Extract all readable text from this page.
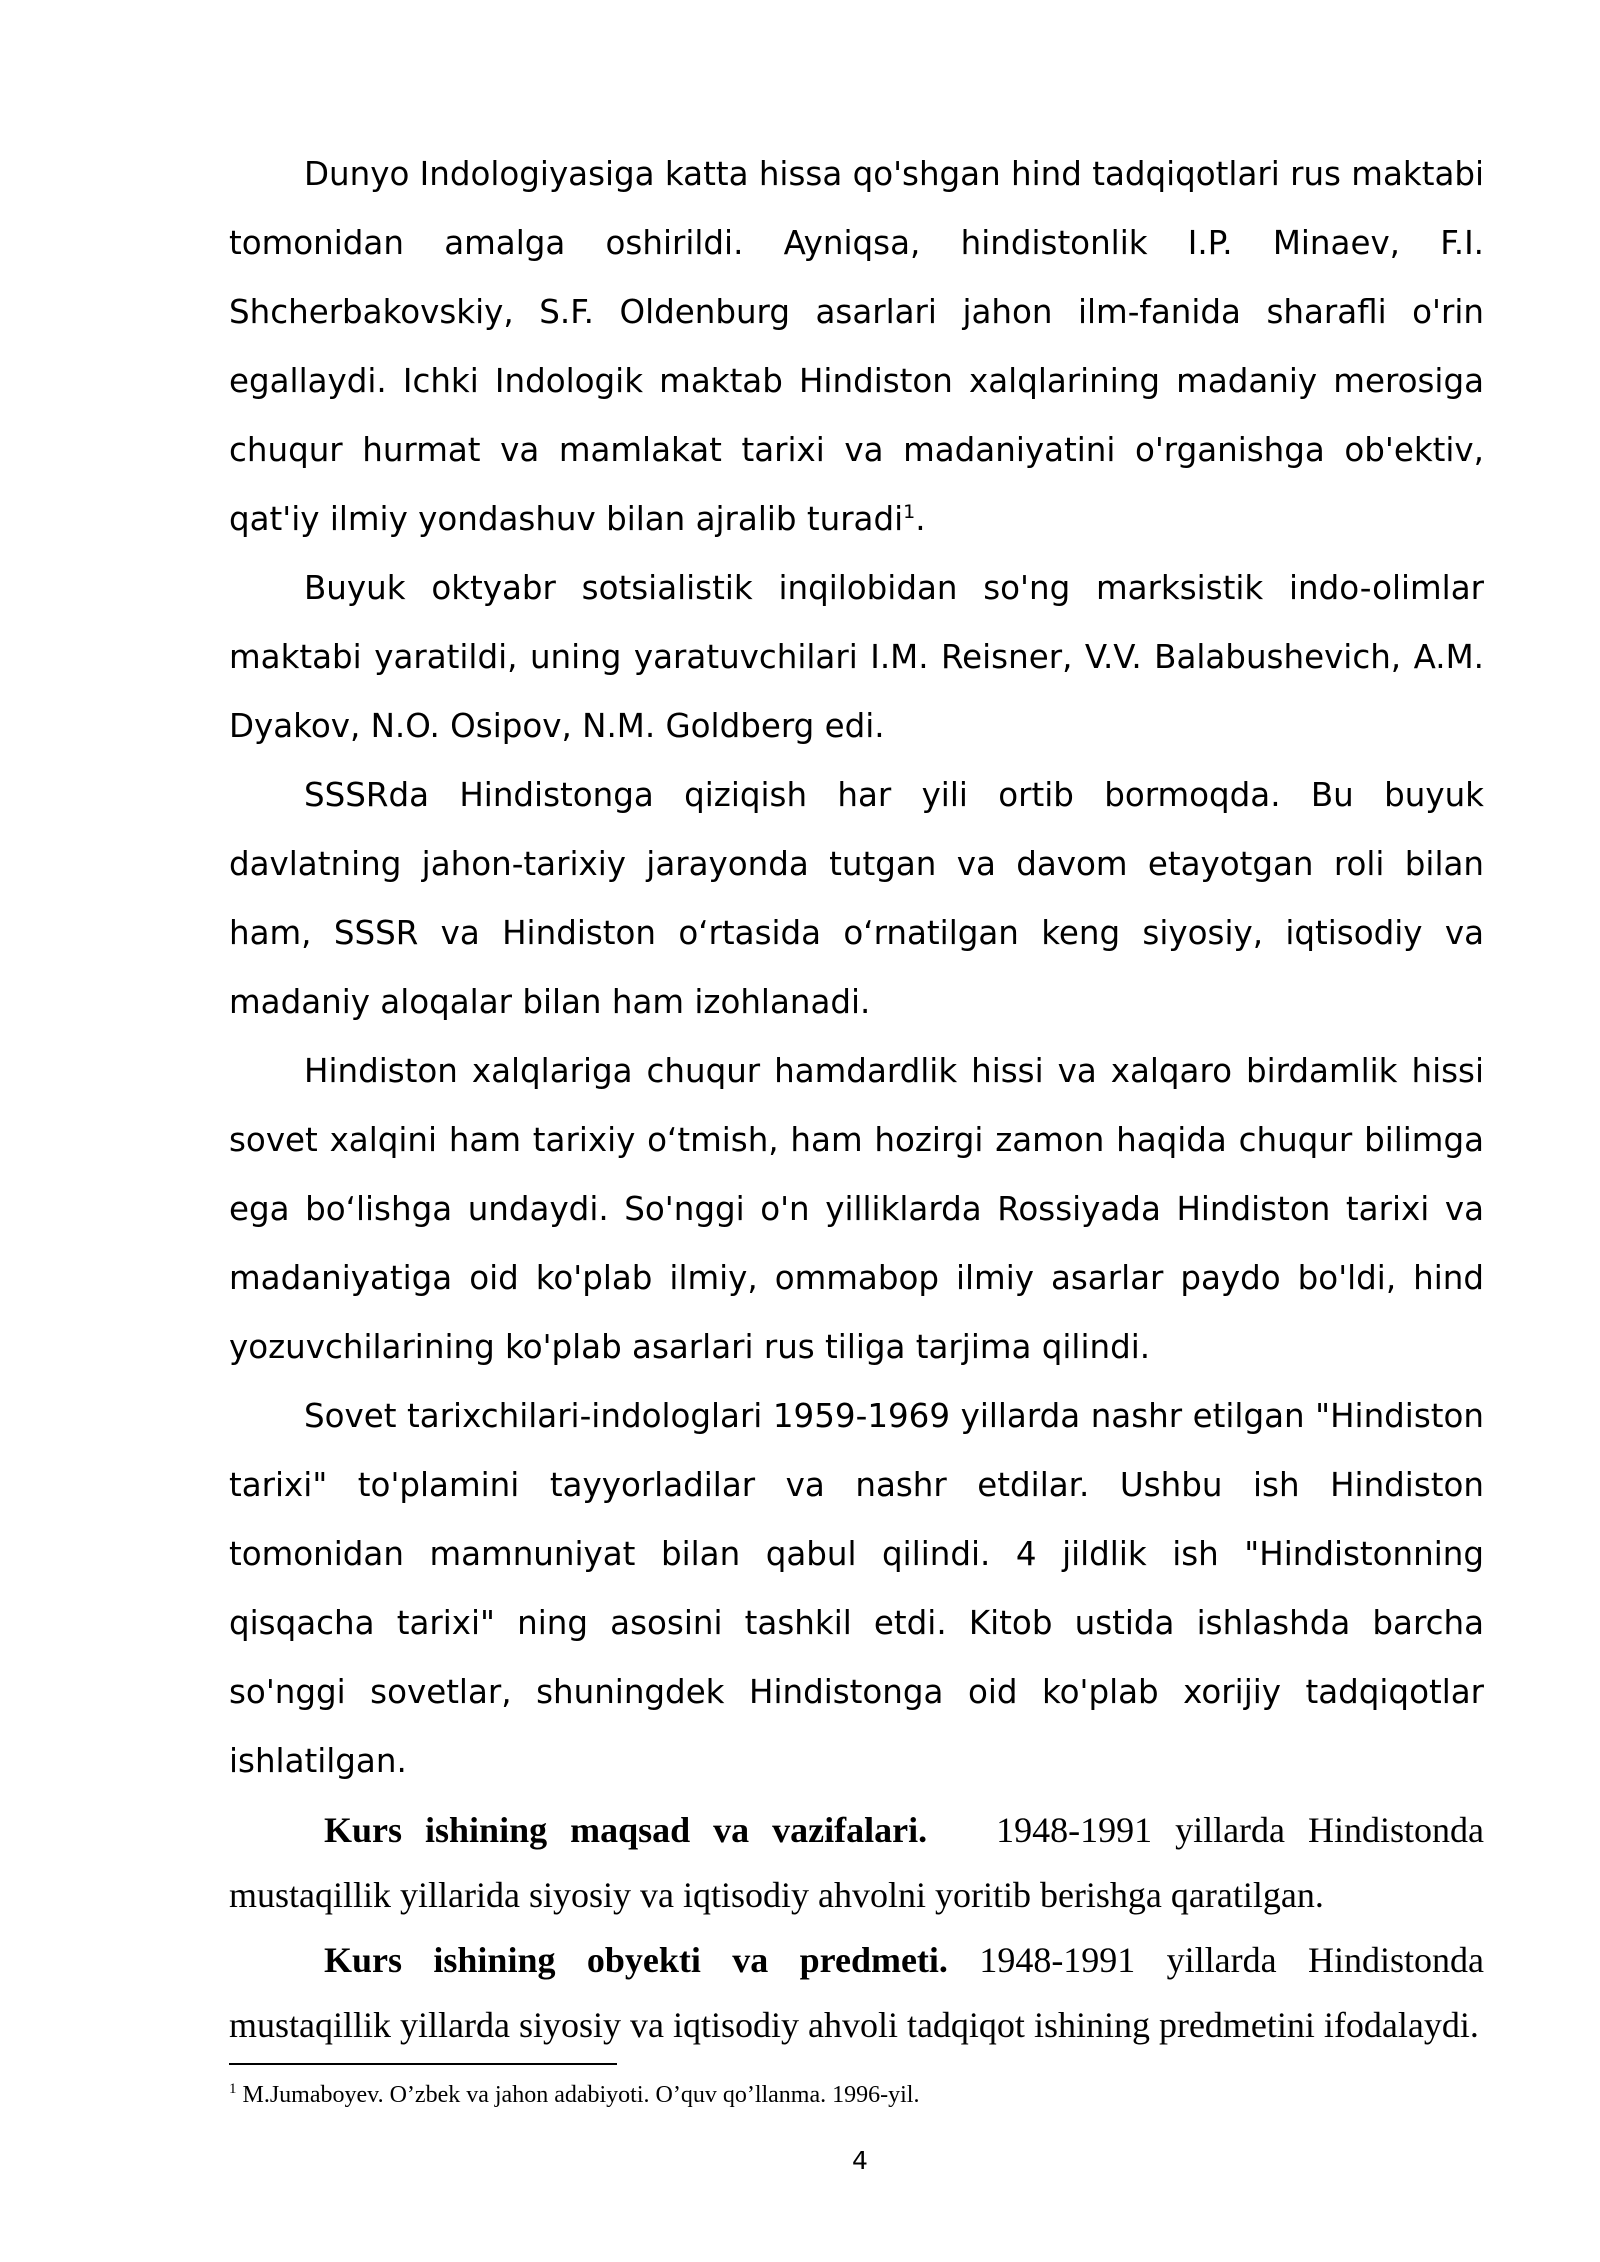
Dunyo Indologiyasiga katta hissa qo'shgan hind tadqiqotlari rus maktabi tomonidan amalga oshirildi. Ayniqsa, hindistonlik I.P. Minaev, F.I. Shcherbakovskiy, S.F. Oldenburg asarlari jahon ilm-fanida sharafli o'rin egallaydi. Ichki Indologik maktab Hindiston xalqlarining madaniy merosiga chuqur hurmat va mamlakat tarixi va madaniyatini o'rganishga ob'ektiv, qat'iy ilmiy yondashuv bilan ajralib turadi$^1$.

Buyuk oktyabr sotsialistik inqilobidan so'ng marksistik indo-olimlar maktabi yaratildi, uning yaratuvchilari I.M. Reisner, V.V. Balabushevich, A.M. Dyakov, N.O. Osipov, N.M. Goldberg edi.

SSSRda Hindistonga qiziqish har yili ortib bormoqda. Bu buyuk davlatning jahon-tarixiy jarayonda tutgan va davom etayotgan roli bilan ham, SSSR va Hindiston oʻrtasida oʻrnatilgan keng siyosiy, iqtisodiy va madaniy aloqalar bilan ham izohlanadi.

Hindiston xalqlariga chuqur hamdardlik hissi va xalqaro birdamlik hissi sovet xalqini ham tarixiy oʻtmish, ham hozirgi zamon haqida chuqur bilimga ega boʻlishga undaydi. So'nggi o'n yilliklarda Rossiyada Hindiston tarixi va madaniyatiga oid ko'plab ilmiy, ommabop ilmiy asarlar paydo bo'ldi, hind yozuvchilarining ko'plab asarlari rus tiliga tarjima qilindi.

Sovet tarixchilari-indologlari 1959-1969 yillarda nashr etilgan "Hindiston tarixi" to'plamini tayyorladilar va nashr etdilar. Ushbu ish Hindiston tomonidan mamnuniyat bilan qabul qilindi. 4 jildlik ish "Hindistonning qisqacha tarixi" ning asosini tashkil etdi. Kitob ustida ishlashda barcha so'nggi sovetlar, shuningdek Hindistonga oid ko'plab xorijiy tadqiqotlar ishlatilgan.

Kurs ishining maqsad va vazifalari. 1948-1991 yillarda Hindistonda mustaqillik yillarida siyosiy va iqtisodiy ahvolni yoritib berishga qaratilgan.

Kurs ishining obyekti va predmeti. 1948-1991 yillarda Hindistonda mustaqillik yillarda siyosiy va iqtisodiy ahvoli tadqiqot ishining predmetini ifodalaydi.

$^1$ M.Jumaboyev. O’zbek va jahon adabiyoti. O’quv qo’llanma. 1996-yil.
4
